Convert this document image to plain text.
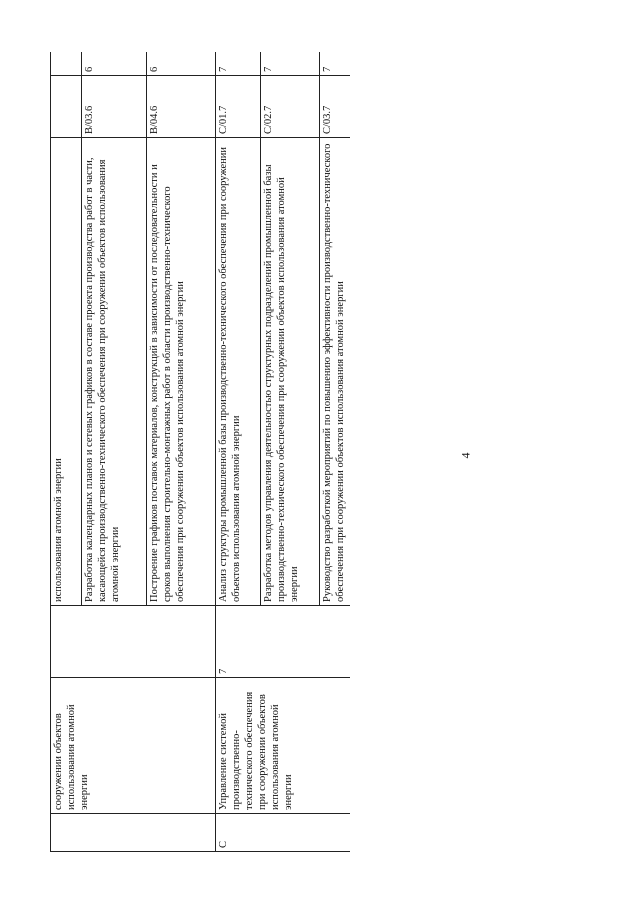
4
	сооружении объектов использования атомной энергии		использования атомной энергии		
			Разработка календарных планов и сетевых графиков в составе проекта производства работ в части, касающейся производственно-технического обеспечения при сооружении объектов использования атомной энергии	B/03.6	6
			Построение графиков поставок материалов, конструкций в зависимости от последовательности и сроков выполнения строительно-монтажных работ в области производственно-технического обеспечения при сооружении объектов использования атомной энергии	B/04.6	6
C	Управление системой производственно-технического обеспечения при сооружении объектов использования атомной энергии	7	Анализ структуры промышленной базы производственно-технического обеспечения при сооружении объектов использования атомной энергии	C/01.7	7
			Разработка методов управления деятельностью структурных подразделений промышленной базы производственно-технического обеспечения при сооружении объектов использования атомной энергии	C/02.7	7
			Руководство разработкой мероприятий по повышению эффективности производственно-технического обеспечения при сооружении объектов использования атомной энергии	C/03.7	7
